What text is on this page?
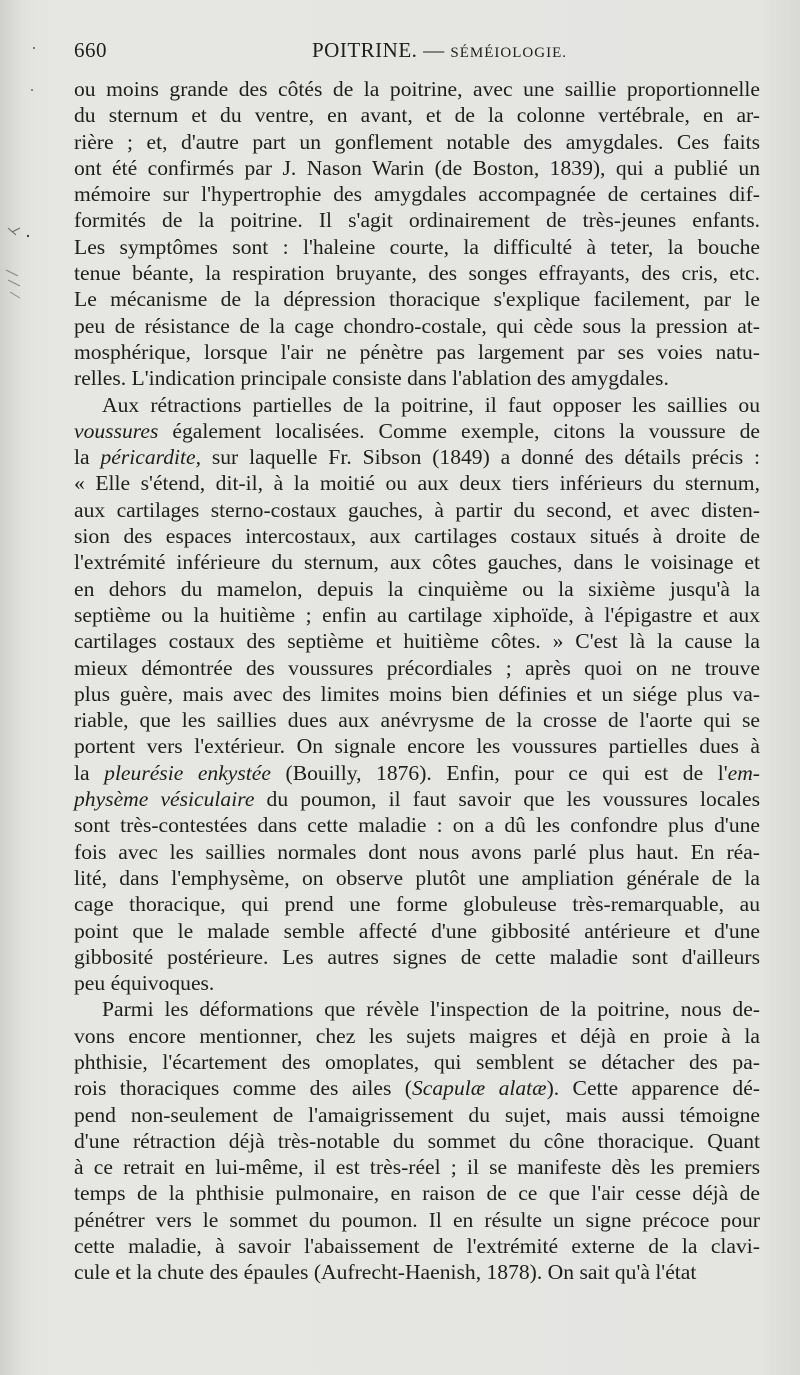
660	POITRINE. — SÉMÉIOLOGIE.

ou moins grande des côtés de la poitrine, avec une saillie proportionnelle
du sternum et du ventre, en avant, et de la colonne vertébrale, en ar-
rière ; et, d'autre part un gonflement notable des amygdales. Ces faits
ont été confirmés par J. Nason Warin (de Boston, 1839), qui a publié un
mémoire sur l'hypertrophie des amygdales accompagnée de certaines dif-
formités de la poitrine. Il s'agit ordinairement de très-jeunes enfants.
Les symptômes sont : l'haleine courte, la difficulté à teter, la bouche
tenue béante, la respiration bruyante, des songes effrayants, des cris, etc.
Le mécanisme de la dépression thoracique s'explique facilement, par le
peu de résistance de la cage chondro-costale, qui cède sous la pression at-
mosphérique, lorsque l'air ne pénètre pas largement par ses voies natu-
relles. L'indication principale consiste dans l'ablation des amygdales.

Aux rétractions partielles de la poitrine, il faut opposer les saillies ou
voussures également localisées. Comme exemple, citons la voussure de
la péricardite, sur laquelle Fr. Sibson (1849) a donné des détails précis :
« Elle s'étend, dit-il, à la moitié ou aux deux tiers inférieurs du sternum,
aux cartilages sterno-costaux gauches, à partir du second, et avec disten-
sion des espaces intercostaux, aux cartilages costaux situés à droite de
l'extrémité inférieure du sternum, aux côtes gauches, dans le voisinage et
en dehors du mamelon, depuis la cinquième ou la sixième jusqu'à la
septième ou la huitième ; enfin au cartilage xiphoïde, à l'épigastre et aux
cartilages costaux des septième et huitième côtes. » C'est là la cause la
mieux démontrée des voussures précordiales ; après quoi on ne trouve
plus guère, mais avec des limites moins bien définies et un siége plus va-
riable, que les saillies dues aux anévrysme de la crosse de l'aorte qui se
portent vers l'extérieur. On signale encore les voussures partielles dues à
la pleurésie enkystée (Bouilly, 1876). Enfin, pour ce qui est de l'em-
physème vésiculaire du poumon, il faut savoir que les voussures locales
sont très-contestées dans cette maladie : on a dû les confondre plus d'une
fois avec les saillies normales dont nous avons parlé plus haut. En réa-
lité, dans l'emphysème, on observe plutôt une ampliation générale de la
cage thoracique, qui prend une forme globuleuse très-remarquable, au
point que le malade semble affecté d'une gibbosité antérieure et d'une
gibbosité postérieure. Les autres signes de cette maladie sont d'ailleurs
peu équivoques.

Parmi les déformations que révèle l'inspection de la poitrine, nous de-
vons encore mentionner, chez les sujets maigres et déjà en proie à la
phthisie, l'écartement des omoplates, qui semblent se détacher des pa-
rois thoraciques comme des ailes (Scapulæ alatæ). Cette apparence dé-
pend non-seulement de l'amaigrissement du sujet, mais aussi témoigne
d'une rétraction déjà très-notable du sommet du cône thoracique. Quant
à ce retrait en lui-même, il est très-réel ; il se manifeste dès les premiers
temps de la phthisie pulmonaire, en raison de ce que l'air cesse déjà de
pénétrer vers le sommet du poumon. Il en résulte un signe précoce pour
cette maladie, à savoir l'abaissement de l'extrémité externe de la clavi-
cule et la chute des épaules (Aufrecht-Haenish, 1878). On sait qu'à l'état
